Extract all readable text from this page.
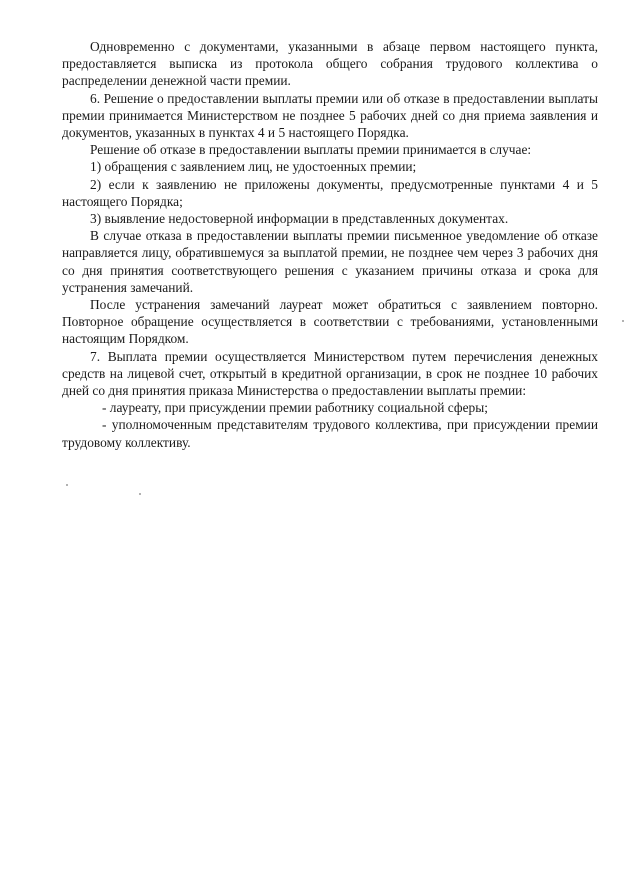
Одновременно с документами, указанными в абзаце первом настоящего пункта, предоставляется выписка из протокола общего собрания трудового коллектива о распределении денежной части премии.

6. Решение о предоставлении выплаты премии или об отказе в предоставлении выплаты премии принимается Министерством не позднее 5 рабочих дней со дня приема заявления и документов, указанных в пунктах 4 и 5 настоящего Порядка.

Решение об отказе в предоставлении выплаты премии принимается в случае:

1) обращения с заявлением лиц, не удостоенных премии;

2) если к заявлению не приложены документы, предусмотренные пунктами 4 и 5 настоящего Порядка;

3) выявление недостоверной информации в представленных документах.

В случае отказа в предоставлении выплаты премии письменное уведомление об отказе направляется лицу, обратившемуся за выплатой премии, не позднее чем через 3 рабочих дня со дня принятия соответствующего решения с указанием причины отказа и срока для устранения замечаний.

После устранения замечаний лауреат может обратиться с заявлением повторно. Повторное обращение осуществляется в соответствии с требованиями, установленными настоящим Порядком.

7. Выплата премии осуществляется Министерством путем перечисления денежных средств на лицевой счет, открытый в кредитной организации, в срок не позднее 10 рабочих дней со дня принятия приказа Министерства о предоставлении выплаты премии:

- лауреату, при присуждении премии работнику социальной сферы;

- уполномоченным представителям трудового коллектива, при присуждении премии трудовому коллективу.
